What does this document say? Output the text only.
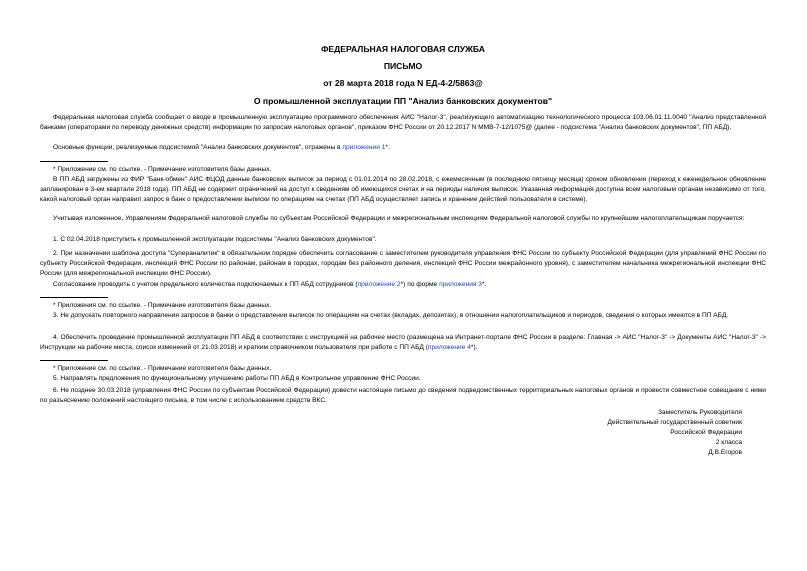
ФЕДЕРАЛЬНАЯ НАЛОГОВАЯ СЛУЖБА
ПИСЬМО
от 28 марта 2018 года N ЕД-4-2/5863@
О промышленной эксплуатации ПП "Анализ банковских документов"
Федеральная налоговая служба сообщает о вводе в промышленную эксплуатацию программного обеспечения АИС "Налог-3", реализующего автоматизацию технологического процесса 103.06.01.11.0040 "Анализ представленной банками (операторами по переводу денежных средств) информации по запросам налоговых органов", приказом ФНС России от 20.12.2017 N ММВ-7-12/1075@ (далее - подсистема "Анализ банковских документов", ПП АБД).
Основные функции, реализуемые подсистемой "Анализ банковских документов", отражены в приложении 1*.
* Приложение см. по ссылке. - Примечание изготовителя базы данных.
В ПП АБД загружены из ФИР "Банк-обмен" АИС ФЦОД данные банковских выписок за период с 01.01.2014 по 28.02.2018, с ежемесячным (в последнюю пятницу месяца) сроком обновления (переход к еженедельное обновление запланирован в 3-ем квартале 2018 года). ПП АБД не содержит ограничений на доступ к сведениям об имеющихся счетах и на периоды наличия выписок. Указанная информация доступна всем налоговым органам независимо от того, какой налоговый орган направил запрос в банк о предоставлении выписки по операциям на счетах (ПП АБД осуществляет запись и хранение действий пользователя в системе).
Учитывая изложенное, Управлениям Федеральной налоговой службы по субъектам Российской Федерации и межрегиональным инспекциям Федеральной налоговой службы по крупнейшим налогоплательщикам поручается:
1. С 02.04.2018 приступить к промышленной эксплуатации подсистемы "Анализ банковских документов".
2. При назначении шаблона доступа "Суперанaлитик" в обязательном порядке обеспечить согласование с заместителем руководителя управления ФНС России по субъекту Российской Федерации (для управлений ФНС России по субъекту Российской Федерации, инспекций ФНС России по районам, районам в городах, городам без районного деления, инспекций ФНС России межрайонного уровня), с заместителем начальника межрегиональной инспекции ФНС России (для межрегиональной инспекции ФНС России).
Согласование проводить с учетом предельного количества подключаемых к ПП АБД сотрудников (приложение 2*) по форме приложения 3*.
* Приложения см. по ссылке. - Примечание изготовителя базы данных.
3. Не допускать повторного направления запросов в банки о представлении выписок по операциям на счетах (вкладах, депозитах), в отношении налогоплательщиков и периодов, сведения о которых имеются в ПП АБД.
4. Обеспечить проведение промышленной эксплуатации ПП АБД в соответствии с инструкцией на рабочее место (размещена на Интранет-портале ФНС России в разделе: Главная -> АИС "Налог-3" -> Документы АИС "Налог-3" -> Инструкции на рабочие места; список изменений от 21.03.2018) и кратким справочником пользователя при работе с ПП АБД (приложение 4*).
* Приложение см. по ссылке. - Примечание изготовителя базы данных.
5. Направлять предложения по функциональному улучшению работы ПП АБД в Контрольное управление ФНС России.
6. Не позднее 30.03.2018 (управления ФНС России по субъектам Российской Федерации) довести настоящее письмо до сведения подведомственных территориальных налоговых органов и провести совместное совещание с ними по разъяснению положений настоящего письма, в том числе с использованием средств ВКС.
Заместитель Руководителя
Действительный государственный советник
Российской Федерации
2 класса
Д.В.Егоров
